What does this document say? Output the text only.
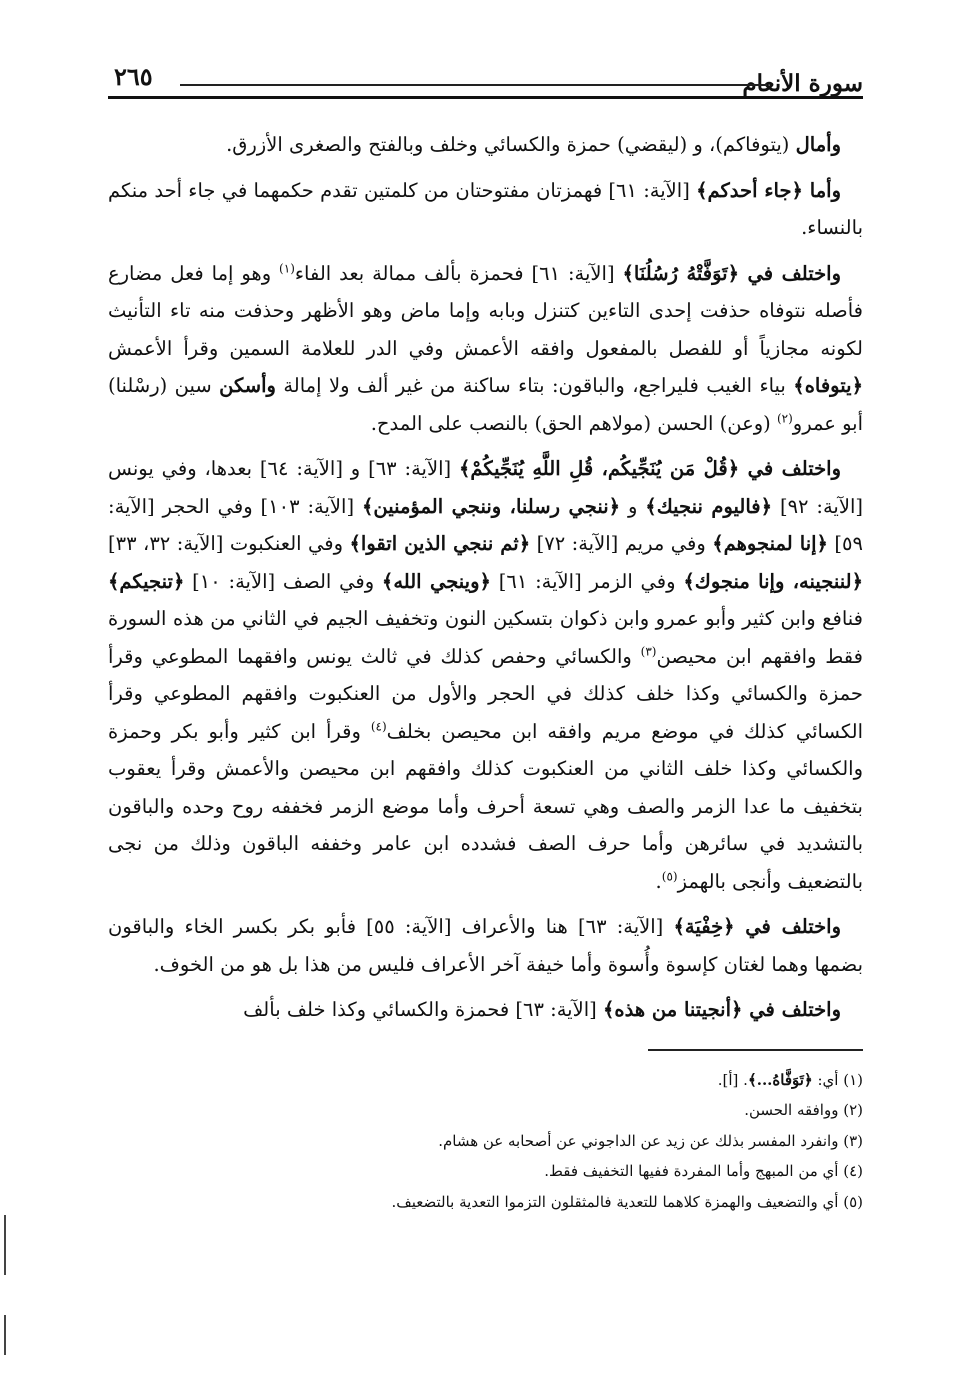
سورة الأنعام
٢٦٥

وأمال (يتوفاكم)، و (ليقضي) حمزة والكسائي وخلف وبالفتح والصغرى الأزرق.

وأما ﴿جاء أحدكم﴾ [الآية: ٦١] فهمزتان مفتوحتان من كلمتين تقدم حكمهما في جاء أحد منكم بالنساء.

واختلف في ﴿تَوَفَّتْهُ رُسُلُنَا﴾ [الآية: ٦١] فحمزة بألف ممالة بعد الفاء$^{(١)}$ وهو إما فعل مضارع فأصله نتوفاه حذفت إحدى التاءين كتنزل وبابه وإما ماض وهو الأظهر وحذفت منه تاء التأنيث لكونه مجازياً أو للفصل بالمفعول وافقه الأعمش وفي الدر للعلامة السمين وقرأ الأعمش ﴿يتوفاه﴾ بياء الغيب فليراجع، والباقون: بتاء ساكنة من غير ألف ولا إمالة وأسكن سين (رسْلنا) أبو عمرو$^{(٢)}$ (وعن) الحسن (مولاهم الحق) بالنصب على المدح.

واختلف في ﴿قُلْ مَن يُنَجِّيكُم، قُلِ اللَّهِ يُنَجِّيكُمْ﴾ [الآية: ٦٣] و [الآية: ٦٤] بعدها، وفي يونس [الآية: ٩٢] ﴿فاليوم ننجيك﴾ و ﴿ننجي رسلنا، وننجي المؤمنين﴾ [الآية: ١٠٣] وفي الحجر [الآية: ٥٩] ﴿إنا لمنجوهم﴾ وفي مريم [الآية: ٧٢] ﴿ثم ننجي الذين اتقوا﴾ وفي العنكبوت [الآية: ٣٢، ٣٣] ﴿لننجينه، وإنا منجوك﴾ وفي الزمر [الآية: ٦١] ﴿وينجي الله﴾ وفي الصف [الآية: ١٠] ﴿تنجيكم﴾ فنافع وابن كثير وأبو عمرو وابن ذكوان بتسكين النون وتخفيف الجيم في الثاني من هذه السورة فقط وافقهم ابن محيصن$^{(٣)}$ والكسائي وحفص كذلك في ثالث يونس وافقهما المطوعي وقرأ حمزة والكسائي وكذا خلف كذلك في الحجر والأول من العنكبوت وافقهم المطوعي وقرأ الكسائي كذلك في موضع مريم وافقه ابن محيصن بخلف$^{(٤)}$ وقرأ ابن كثير وأبو بكر وحمزة والكسائي وكذا خلف الثاني من العنكبوت كذلك وافقهم ابن محيصن والأعمش وقرأ يعقوب بتخفيف ما عدا الزمر والصف وهي تسعة أحرف وأما موضع الزمر فخففه روح وحده والباقون بالتشديد في سائرهن وأما حرف الصف فشدده ابن عامر وخففه الباقون وذلك من نجى بالتضعيف وأنجى بالهمز$^{(٥)}$.

واختلف في ﴿خِفْيَة﴾ [الآية: ٦٣] هنا والأعراف [الآية: ٥٥] فأبو بكر بكسر الخاء والباقون بضمها وهما لغتان كإسوة وأُسوة وأما خيفة آخر الأعراف فليس من هذا بل هو من الخوف.

واختلف في ﴿أنجيتنا من هذه﴾ [الآية: ٦٣] فحمزة والكسائي وكذا خلف بألف

(١) أي: ﴿تَوَفَّاهُ...﴾. [أ].

(٢) ووافقه الحسن.

(٣) وانفرد المفسر بذلك عن زيد عن الداجوني عن أصحابه عن هشام.

(٤) أي من المبهج وأما المفردة ففيها التخفيف فقط.

(٥) أي والتضعيف والهمزة كلاهما للتعدية فالمثقلون التزموا التعدية بالتضعيف.
